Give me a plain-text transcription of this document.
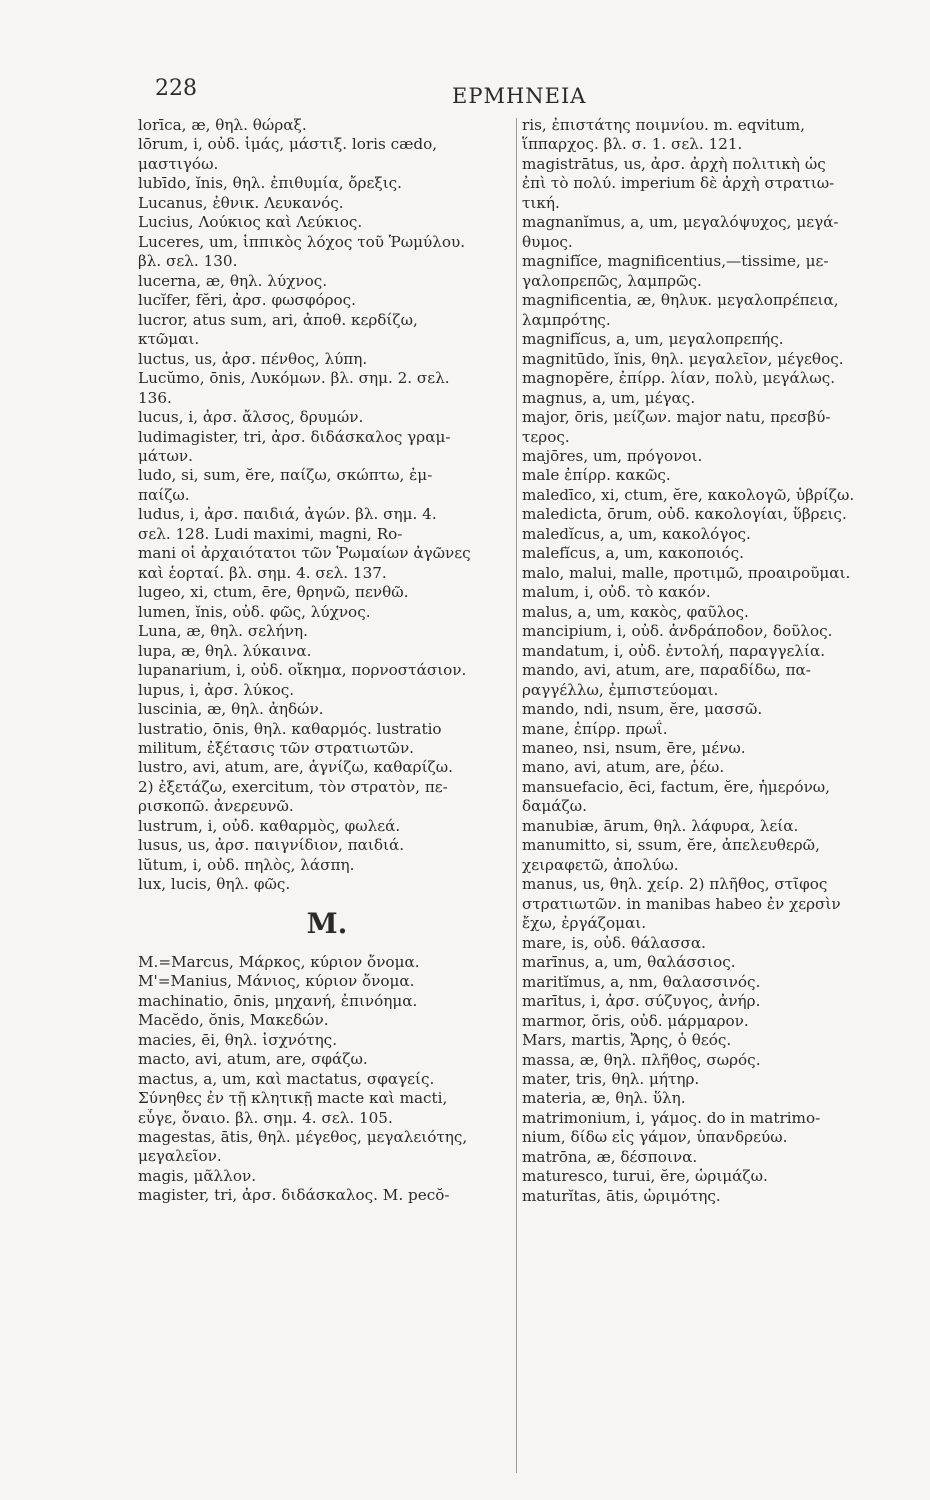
228	ΕΡΜΗΝΕΙΑ
lorīca, æ, θηλ. θώραξ.
lōrum, i, οὐδ. ἱμάς, μάστιξ. loris cædo,
μαστιγόω.
lubīdo, ĭnis, θηλ. ἐπιθυμία, ὄρεξις.
Lucanus, ἐθνικ. Λευκανός.
Lucius, Λούκιος καὶ Λεύκιος.
Luceres, um, ἱππικὸς λόχος τοῦ Ῥωμύλου.
βλ. σελ. 130.
lucerna, æ, θηλ. λύχνος.
lucĭfer, fĕri, ἀρσ. φωσφόρος.
lucror, atus sum, ari, ἀποθ. κερδίζω,
κτῶμαι.
luctus, us, ἀρσ. πένθος, λύπη.
Lucŭmo, ōnis, Λυκόμων. βλ. σημ. 2. σελ.
136.
lucus, i, ἀρσ. ἄλσος, δρυμών.
ludimagister, tri, ἀρσ. διδάσκαλος γραμ-
μάτων.
ludo, si, sum, ĕre, παίζω, σκώπτω, ἐμ-
παίζω.
ludus, i, ἀρσ. παιδιά, ἀγών. βλ. σημ. 4.
σελ. 128. Ludi maximi, magni, Ro-
mani οἱ ἀρχαιότατοι τῶν Ῥωμαίων ἀγῶνες
καὶ ἑορταί. βλ. σημ. 4. σελ. 137.
lugeo, xi, ctum, ēre, θρηνῶ, πενθῶ.
lumen, ĭnis, οὐδ. φῶς, λύχνος.
Luna, æ, θηλ. σελήνη.
lupa, æ, θηλ. λύκαινα.
lupanarium, i, οὐδ. οἴκημα, πορνοστάσιον.
lupus, i, ἀρσ. λύκος.
luscinia, æ, θηλ. ἀηδών.
lustratio, ōnis, θηλ. καθαρμός. lustratio
militum, ἐξέτασις τῶν στρατιωτῶν.
lustro, avi, atum, are, ἁγνίζω, καθαρίζω.
2) ἐξετάζω, exercitum, τὸν στρατὸν, πε-
ρισκοπῶ. ἀνερευνῶ.
lustrum, i, οὐδ. καθαρμὸς, φωλεά.
lusus, us, ἀρσ. παιγνίδιον, παιδιά.
lŭtum, i, οὐδ. πηλὸς, λάσπη.
lux, lucis, θηλ. φῶς.
M.
M.=Marcus, Μάρκος, κύριον ὄνομα.
M'=Manius, Μάνιος, κύριον ὄνομα.
machinatio, ōnis, μηχανή, ἐπινόημα.
Macĕdo, ŏnis, Μακεδών.
macies, ēi, θηλ. ἰσχνότης.
macto, avi, atum, are, σφάζω.
mactus, a, um, καὶ mactatus, σφαγείς.
Σύνηθες ἐν τῇ κλητικῇ macte καὶ macti,
εὖγε, ὄναιο. βλ. σημ. 4. σελ. 105.
magestas, ātis, θηλ. μέγεθος, μεγαλειότης,
μεγαλεῖον.
magis, μᾶλλον.
magister, tri, ἀρσ. διδάσκαλος. M. pecŏ-
ris, ἐπιστάτης ποιμνίου. m. eqvitum,
ἵππαρχος. βλ. σ. 1. σελ. 121.
magistrātus, us, ἀρσ. ἀρχὴ πολιτικὴ ὡς
ἐπὶ τὸ πολύ. imperium δὲ ἀρχὴ στρατιω-
τική.
magnanĭmus, a, um, μεγαλόψυχος, μεγά-
θυμος.
magnifĭce, magnificentius,—tissime, με-
γαλοπρεπῶς, λαμπρῶς.
magnificentia, æ, θηλυκ. μεγαλοπρέπεια,
λαμπρότης.
magnifĭcus, a, um, μεγαλοπρεπής.
magnitūdo, ĭnis, θηλ. μεγαλεῖον, μέγεθος.
magnopĕre, ἐπίρρ. λίαν, πολὺ, μεγάλως.
magnus, a, um, μέγας.
major, ōris, μείζων. major natu, πρεσβύ-
τερος.
majōres, um, πρόγονοι.
male ἐπίρρ. κακῶς.
maledīco, xi, ctum, ĕre, κακολογῶ, ὑβρίζω.
maledicta, ōrum, οὐδ. κακολογίαι, ὕβρεις.
maledĭcus, a, um, κακολόγος.
malefĭcus, a, um, κακοποιός.
malo, malui, malle, προτιμῶ, προαιροῦμαι.
malum, i, οὐδ. τὸ κακόν.
malus, a, um, κακὸς, φαῦλος.
mancipium, i, οὐδ. ἀνδράποδον, δοῦλος.
mandatum, i, οὐδ. ἐντολή, παραγγελία.
mando, avi, atum, are, παραδίδω, πα-
ραγγέλλω, ἐμπιστεύομαι.
mando, ndi, nsum, ĕre, μασσῶ.
mane, ἐπίρρ. πρωΐ.
maneo, nsi, nsum, ēre, μένω.
mano, avi, atum, are, ῥέω.
mansuefacio, ēci, factum, ĕre, ἡμερόνω,
δαμάζω.
manubiæ, ārum, θηλ. λάφυρα, λεία.
manumitto, si, ssum, ĕre, ἀπελευθερῶ,
χειραφετῶ, ἀπολύω.
manus, us, θηλ. χείρ. 2) πλῆθος, στῖφος
στρατιωτῶν. in manibas habeo ἐν χερσὶν
ἔχω, ἐργάζομαι.
mare, is, οὐδ. θάλασσα.
marīnus, a, um, θαλάσσιος.
maritĭmus, a, nm, θαλασσινός.
marītus, i, ἀρσ. σύζυγος, ἀνήρ.
marmor, ŏris, οὐδ. μάρμαρον.
Mars, martis, Ἄρης, ὁ θεός.
massa, æ, θηλ. πλῆθος, σωρός.
mater, tris, θηλ. μήτηρ.
materia, æ, θηλ. ὕλη.
matrimonium, i, γάμος. do in matrimo-
nium, δίδω εἰς γάμον, ὑπανδρεύω.
matrōna, æ, δέσποινα.
maturesco, turui, ĕre, ὡριμάζω.
maturĭtas, ātis, ὡριμότης.
